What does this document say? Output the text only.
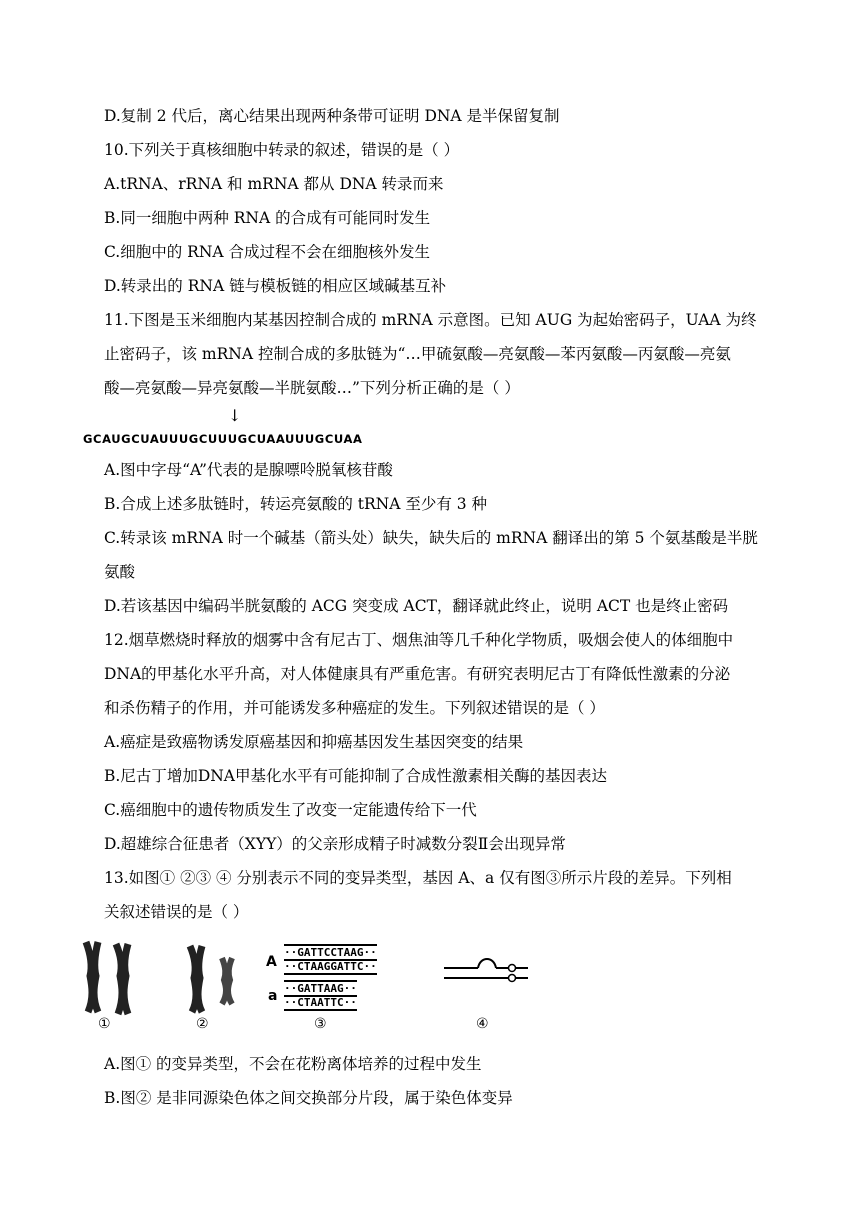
D.复制 2 代后，离心结果出现两种条带可证明 DNA 是半保留复制
10.下列关于真核细胞中转录的叙述，错误的是（ ）
A.tRNA、rRNA 和 mRNA 都从 DNA 转录而来
B.同一细胞中两种 RNA 的合成有可能同时发生
C.细胞中的 RNA 合成过程不会在细胞核外发生
D.转录出的 RNA 链与模板链的相应区域碱基互补
11.下图是玉米细胞内某基因控制合成的 mRNA 示意图。已知 AUG 为起始密码子，UAA 为终
止密码子，该 mRNA 控制合成的多肽链为“…甲硫氨酸—亮氨酸—苯丙氨酸—丙氨酸—亮氨
酸—亮氨酸—异亮氨酸—半胱氨酸…”下列分析正确的是（ ）
↓
GCAUGCUAUUUGCUUUGCUAAUUUGCUAA
A.图中字母“A”代表的是腺嘌呤脱氧核苷酸
B.合成上述多肽链时，转运亮氨酸的 tRNA 至少有 3 种
C.转录该 mRNA 时一个碱基（箭头处）缺失，缺失后的 mRNA 翻译出的第 5 个氨基酸是半胱
氨酸
D.若该基因中编码半胱氨酸的 ACG 突变成 ACT，翻译就此终止，说明 ACT 也是终止密码
12.烟草燃烧时释放的烟雾中含有尼古丁、烟焦油等几千种化学物质，吸烟会使人的体细胞中
DNA的甲基化水平升高，对人体健康具有严重危害。有研究表明尼古丁有降低性激素的分泌
和杀伤精子的作用，并可能诱发多种癌症的发生。下列叙述错误的是（ ）
A.癌症是致癌物诱发原癌基因和抑癌基因发生基因突变的结果
B.尼古丁增加DNA甲基化水平有可能抑制了合成性激素相关酶的基因表达
C.癌细胞中的遗传物质发生了改变一定能遗传给下一代
D.超雄综合征患者（XYY）的父亲形成精子时减数分裂Ⅱ会出现异常
13.如图① ②③ ④ 分别表示不同的变异类型，基因 A、a 仅有图③所示片段的差异。下列相
关叙述错误的是（ ）
①	②
A
a
··GATTCCTAAG··
··CTAAGGATTC··
··GATTAAG··
··CTAATTC··
③	④
A.图① 的变异类型，不会在花粉离体培养的过程中发生
B.图② 是非同源染色体之间交换部分片段，属于染色体变异
